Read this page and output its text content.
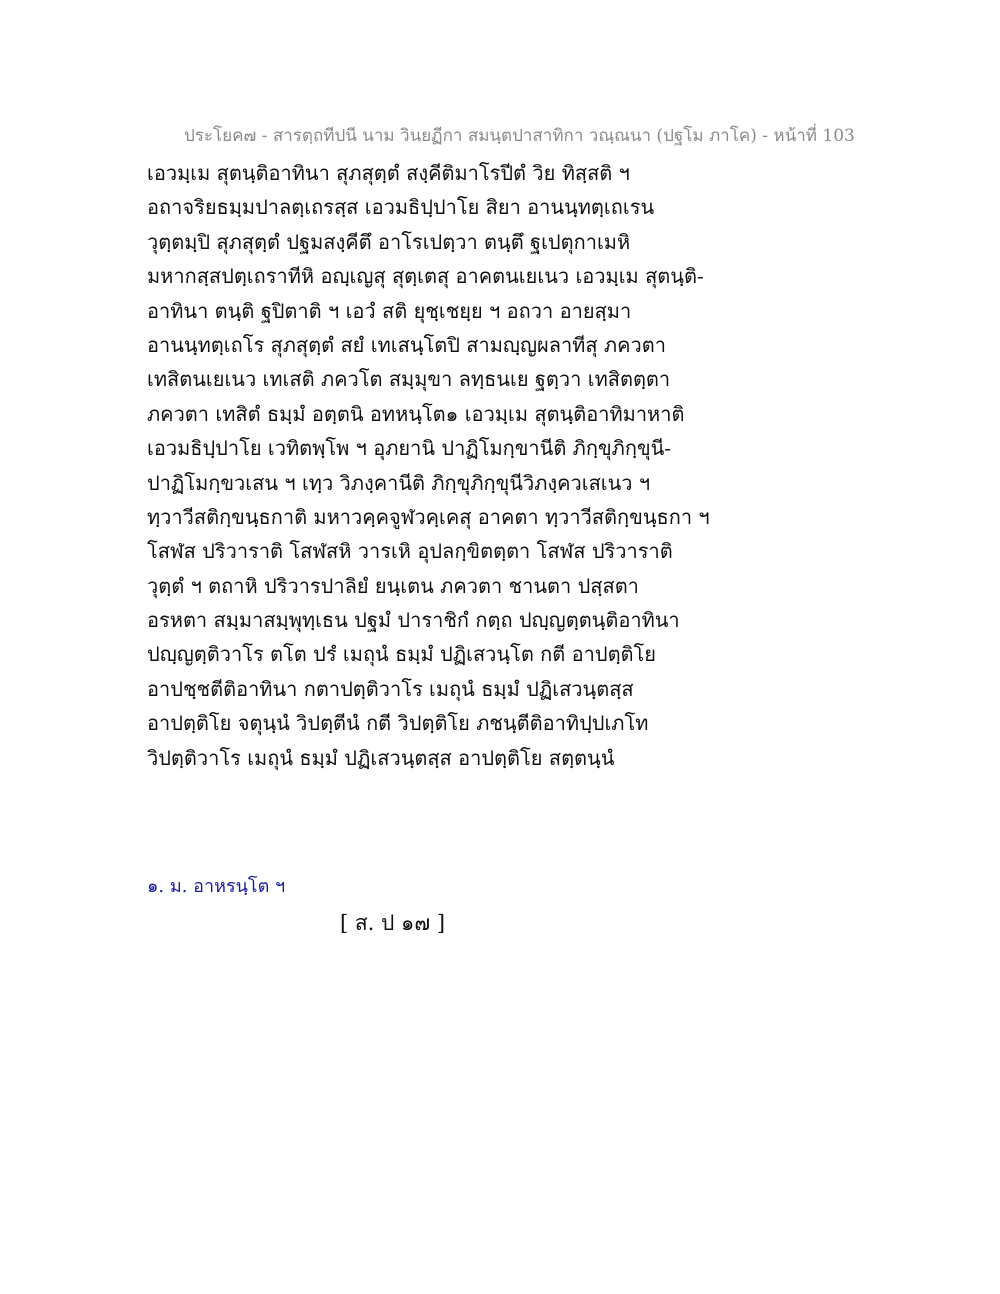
ประโยค๗ - สารตฺถทีปนี นาม วินยฏีกา สมนฺตปาสาทิกา วณฺณนา (ปฐโม ภาโค) - หน้าที่ 103
เอวมฺเม สุตนฺติอาทินา สุภสุตฺตํ สงฺคีติมาโรปีตํ วิย ทิสฺสติ ฯ
อถาจริยธมฺมปาลตฺเถรสฺส เอวมธิปฺปาโย สิยา อานนฺทตฺเถเรน
วุตฺตมฺปิ สุภสุตฺตํ ปฐมสงฺคีตึ อาโรเปตฺวา ตนฺตึ ฐเปตุกาเมหิ
มหากสฺสปตฺเถราทีหิ อญฺเญสุ สุตฺเตสุ อาคตนเยเนว เอวมฺเม สุตนฺติ-
อาทินา ตนฺติ ฐปิตาติ ฯ เอวํ สติ ยุชฺเชยฺย ฯ อถวา อายสฺมา
อานนฺทตฺเถโร สุภสุตฺตํ สยํ เทเสนฺโตปิ สามญฺญผลาทีสุ ภควตา
เทสิตนเยเนว เทเสติ ภควโต สมฺมุขา ลทฺธนเย ฐตฺวา เทสิตตฺตา
ภควตา เทสิตํ ธมฺมํ อตฺตนิ อทหนฺโต๑ เอวมฺเม สุตนฺติอาทิมาหาติ
เอวมธิปฺปาโย เวทิตพฺโพ ฯ อุภยานิ ปาฏิโมกฺขานีติ ภิกฺขุภิกฺขุนี-
ปาฏิโมกฺขวเสน ฯ เทฺว วิภงฺคานีติ ภิกฺขุภิกฺขุนีวิภงฺควเสเนว ฯ
ทฺวาวีสติกฺขนฺธกาติ มหาวคฺคจูฬวคฺเคสุ อาคตา ทฺวาวีสติกฺขนฺธกา ฯ
โสฬส ปริวาราติ โสฬสหิ วารเหิ อุปลกฺขิตตฺตา โสฬส ปริวาราติ
วุตฺตํ ฯ ตถาหิ ปริวารปาลิยํ ยนฺเตน ภควตา ชานตา ปสฺสตา
อรหตา สมฺมาสมฺพุทฺเธน ปฐมํ ปาราชิกํ กตฺถ ปญฺญตฺตนฺติอาทินา
ปญฺญตฺติวาโร ตโต ปรํ เมถุนํ ธมฺมํ ปฏิเสวนฺโต กตี อาปตฺติโย
อาปชฺชตีติอาทินา กตาปตฺติวาโร เมถุนํ ธมฺมํ ปฏิเสวนฺตสฺส
อาปตฺติโย จตุนฺนํ วิปตฺตีนํ กตี วิปตฺติโย ภชนฺตีติอาทิปฺปเภโท
วิปตฺติวาโร เมถุนํ ธมฺมํ ปฏิเสวนฺตสฺส อาปตฺติโย สตฺตนฺนํ
๑. ม. อาหรนฺโต ฯ
[ ส. ป ๑๗ ]
